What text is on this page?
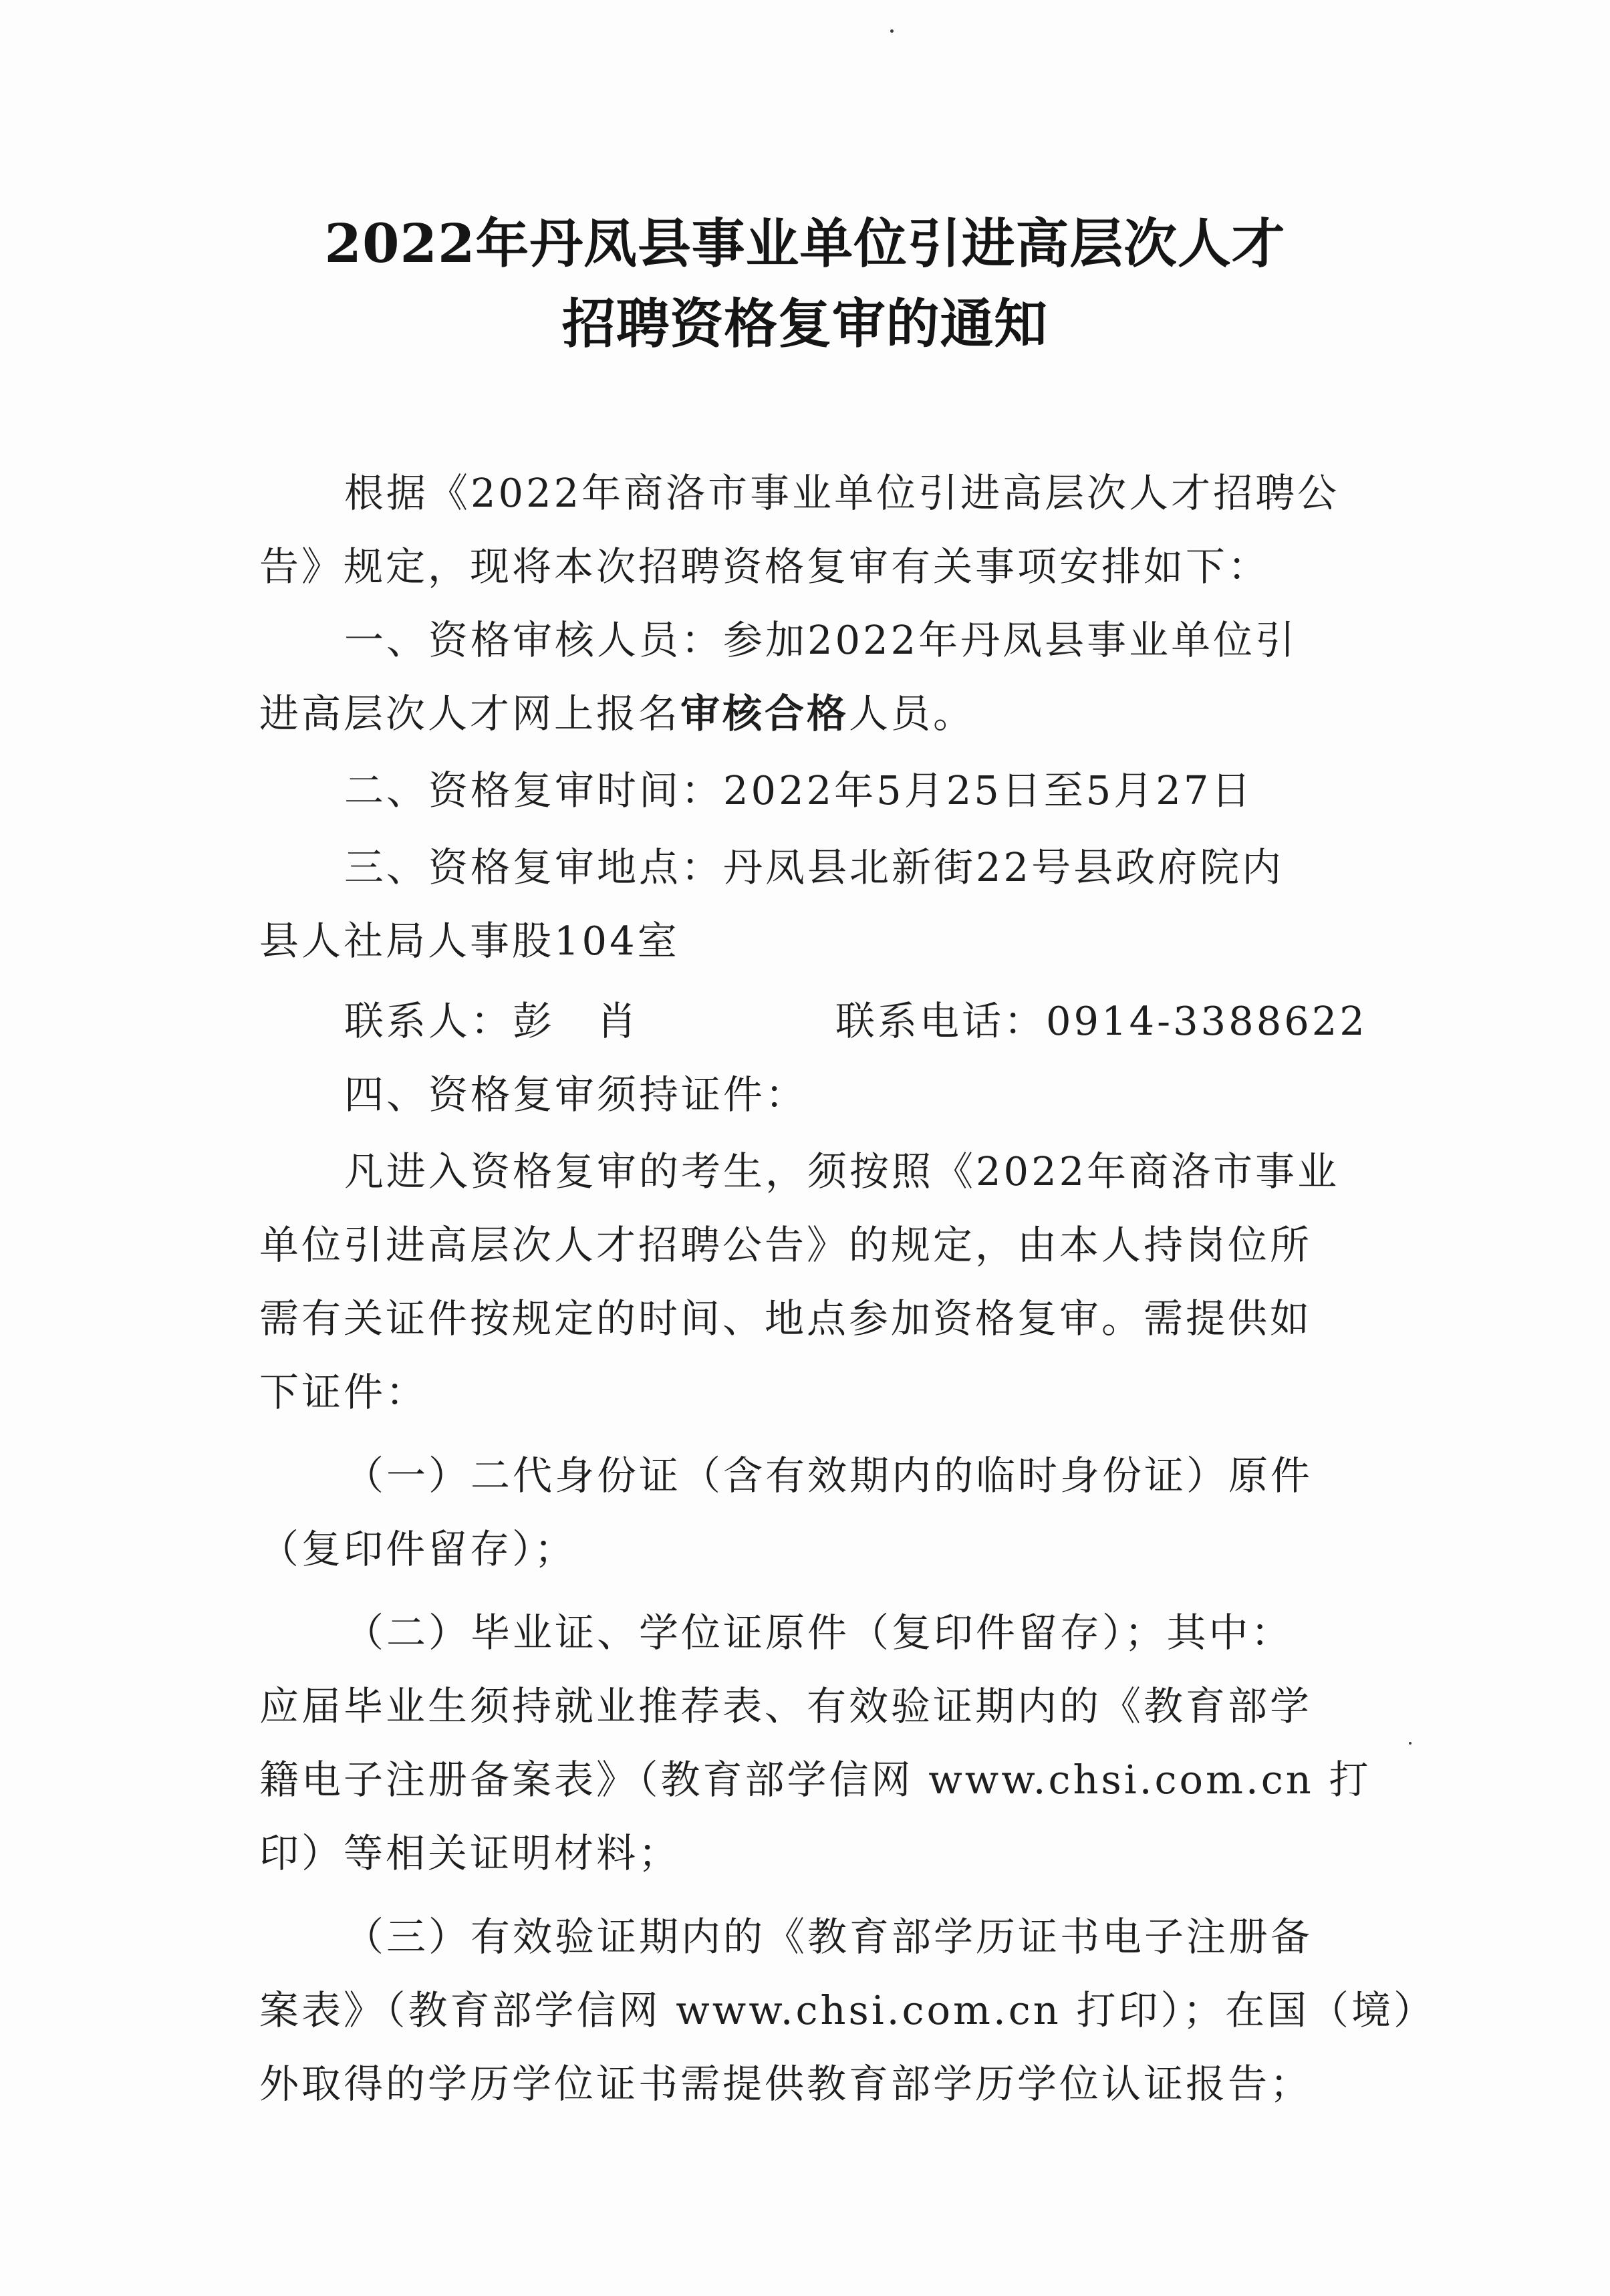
2022年丹凤县事业单位引进高层次人才
招聘资格复审的通知
根据《2022年商洛市事业单位引进高层次人才招聘公
告》规定，现将本次招聘资格复审有关事项安排如下：
一、资格审核人员：参加2022年丹凤县事业单位引
进高层次人才网上报名审核合格人员。
二、资格复审时间：2022年5月25日至5月27日
三、资格复审地点：丹凤县北新街22号县政府院内
县人社局人事股104室
联系人：彭　肖	联系电话：0914-3388622
四、资格复审须持证件：
凡进入资格复审的考生，须按照《2022年商洛市事业
单位引进高层次人才招聘公告》的规定，由本人持岗位所
需有关证件按规定的时间、地点参加资格复审。需提供如
下证件：
（一）二代身份证（含有效期内的临时身份证）原件
（复印件留存）；
（二）毕业证、学位证原件（复印件留存）；其中：
应届毕业生须持就业推荐表、有效验证期内的《教育部学
籍电子注册备案表》（教育部学信网 www.chsi.com.cn 打
印）等相关证明材料；
（三）有效验证期内的《教育部学历证书电子注册备
案表》（教育部学信网 www.chsi.com.cn 打印）；在国（境）
外取得的学历学位证书需提供教育部学历学位认证报告；
